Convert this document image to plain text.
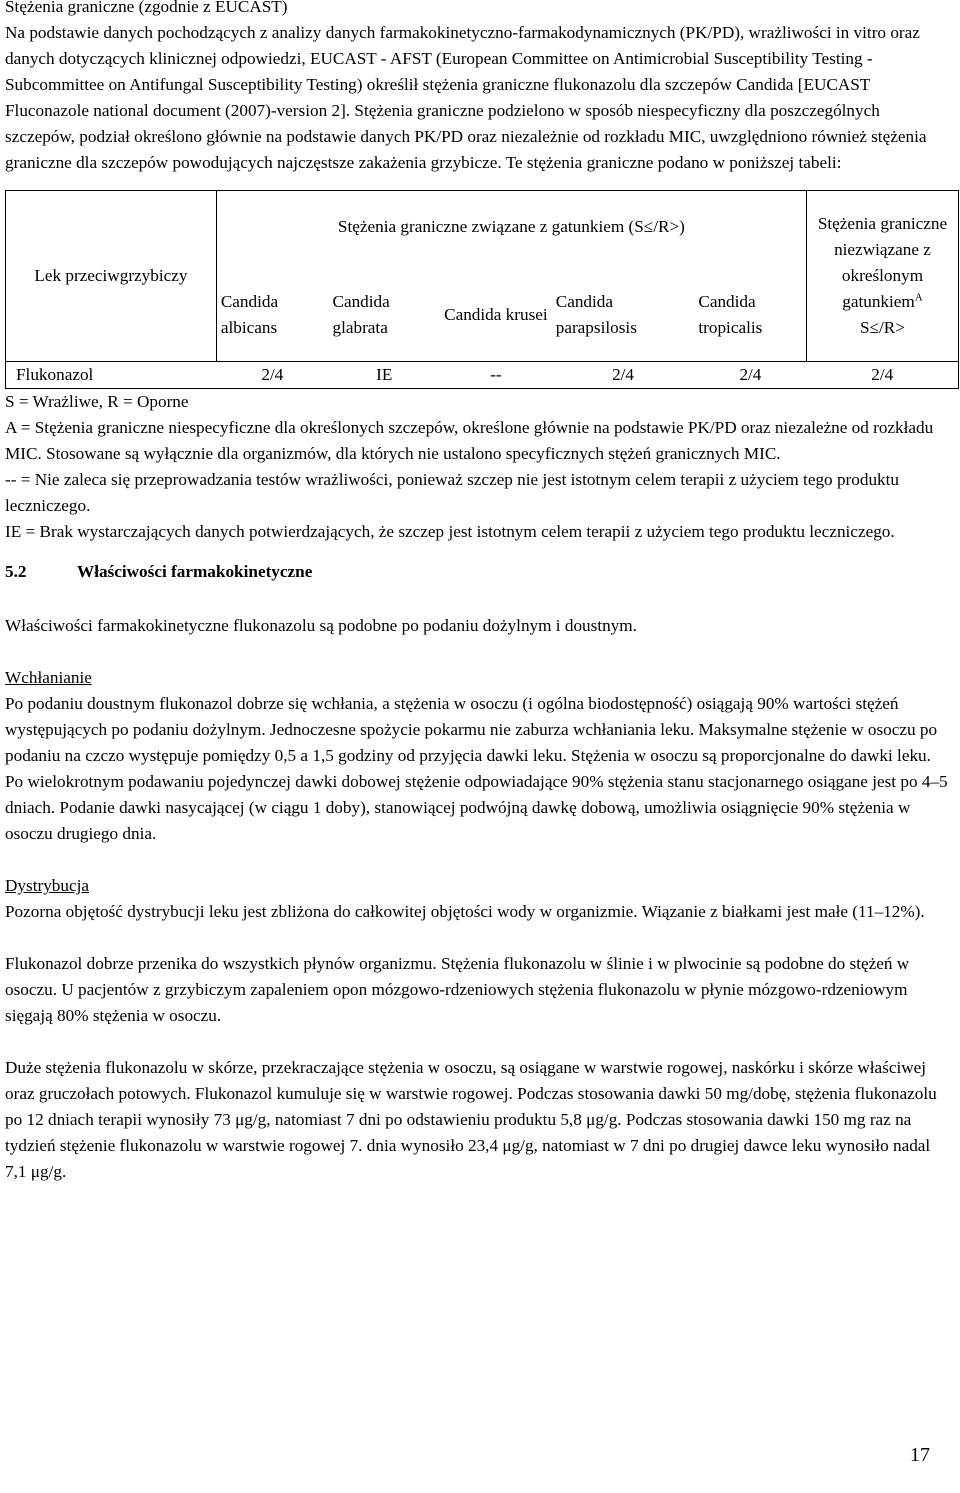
Stężenia graniczne (zgodnie z EUCAST)

Na podstawie danych pochodzących z analizy danych farmakokinetyczno-farmakodynamicznych (PK/PD), wrażliwości in vitro oraz danych dotyczących klinicznej odpowiedzi, EUCAST - AFST (European Committee on Antimicrobial Susceptibility Testing - Subcommittee on Antifungal Susceptibility Testing) określił stężenia graniczne flukonazolu dla szczepów Candida [EUCAST Fluconazole national document (2007)-version 2]. Stężenia graniczne podzielono w sposób niespecyficzny dla poszczególnych szczepów, podział określono głównie na podstawie danych PK/PD oraz niezależnie od rozkładu MIC, uwzględniono również stężenia graniczne dla szczepów powodujących najczęstsze zakażenia grzybicze. Te stężenia graniczne podano w poniższej tabeli:

Lek przeciwgrzybiczy	Stężenia graniczne związane z gatunkiem (S≤/R>)					Stężenia graniczne niezwiązane z określonym gatunkiem$^A$
S≤/R>
	Candida albicans	Candida glabrata	Candida krusei	Candida parapsilosis	Candida tropicalis	
Flukonazol	2/4	IE	--	2/4	2/4	2/4

S = Wrażliwe, R = Oporne

A = Stężenia graniczne niespecyficzne dla określonych szczepów, określone głównie na podstawie PK/PD oraz niezależne od rozkładu MIC. Stosowane są wyłącznie dla organizmów, dla których nie ustalono specyficznych stężeń granicznych MIC.

-- = Nie zaleca się przeprowadzania testów wrażliwości, ponieważ szczep nie jest istotnym celem terapii z użyciem tego produktu leczniczego.

IE = Brak wystarczających danych potwierdzających, że szczep jest istotnym celem terapii z użyciem tego produktu leczniczego.

5.2	Właściwości farmakokinetyczne

Właściwości farmakokinetyczne flukonazolu są podobne po podaniu dożylnym i doustnym.

Wchłanianie

Po podaniu doustnym flukonazol dobrze się wchłania, a stężenia w osoczu (i ogólna biodostępność) osiągają 90% wartości stężeń występujących po podaniu dożylnym. Jednoczesne spożycie pokarmu nie zaburza wchłaniania leku. Maksymalne stężenie w osoczu po podaniu na czczo występuje pomiędzy 0,5 a 1,5 godziny od przyjęcia dawki leku. Stężenia w osoczu są proporcjonalne do dawki leku. Po wielokrotnym podawaniu pojedynczej dawki dobowej stężenie odpowiadające 90% stężenia stanu stacjonarnego osiągane jest po 4–5 dniach. Podanie dawki nasycającej (w ciągu 1 doby), stanowiącej podwójną dawkę dobową, umożliwia osiągnięcie 90% stężenia w osoczu drugiego dnia.

Dystrybucja

Pozorna objętość dystrybucji leku jest zbliżona do całkowitej objętości wody w organizmie. Wiązanie z białkami jest małe (11–12%).

Flukonazol dobrze przenika do wszystkich płynów organizmu. Stężenia flukonazolu w ślinie i w plwocinie są podobne do stężeń w osoczu. U pacjentów z grzybiczym zapaleniem opon mózgowo-rdzeniowych stężenia flukonazolu w płynie mózgowo-rdzeniowym sięgają 80% stężenia w osoczu.

Duże stężenia flukonazolu w skórze, przekraczające stężenia w osoczu, są osiągane w warstwie rogowej, naskórku i skórze właściwej oraz gruczołach potowych. Flukonazol kumuluje się w warstwie rogowej. Podczas stosowania dawki 50 mg/dobę, stężenia flukonazolu po 12 dniach terapii wynosiły 73 μg/g, natomiast 7 dni po odstawieniu produktu 5,8 μg/g. Podczas stosowania dawki 150 mg raz na tydzień stężenie flukonazolu w warstwie rogowej 7. dnia wynosiło 23,4 μg/g, natomiast w 7 dni po drugiej dawce leku wynosiło nadal 7,1 μg/g.

17
